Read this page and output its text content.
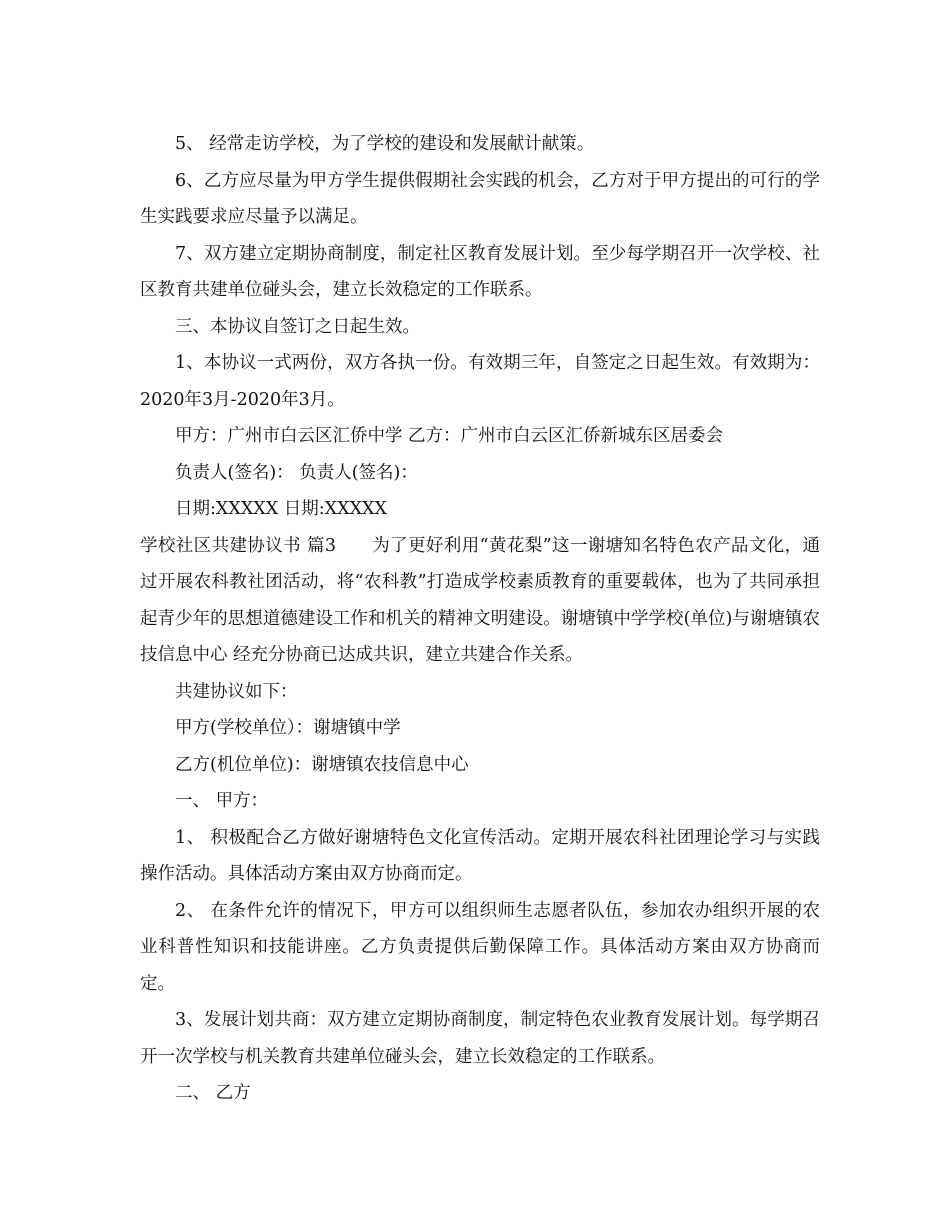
5、 经常走访学校，为了学校的建设和发展献计献策。

6、乙方应尽量为甲方学生提供假期社会实践的机会，乙方对于甲方提出的可行的学生实践要求应尽量予以满足。

7、双方建立定期协商制度，制定社区教育发展计划。至少每学期召开一次学校、社区教育共建单位碰头会，建立长效稳定的工作联系。

三、本协议自签订之日起生效。

1、本协议一式两份，双方各执一份。有效期三年，自签定之日起生效。有效期为：2020年3月-2020年3月。

甲方：广州市白云区汇侨中学 乙方：广州市白云区汇侨新城东区居委会

负责人(签名)： 负责人(签名)：

日期:XXXXX 日期:XXXXX

学校社区共建协议书 篇3　　为了更好利用“黄花梨”这一谢塘知名特色农产品文化，通过开展农科教社团活动，将“农科教”打造成学校素质教育的重要载体，也为了共同承担起青少年的思想道德建设工作和机关的精神文明建设。谢塘镇中学学校(单位)与谢塘镇农技信息中心 经充分协商已达成共识，建立共建合作关系。

共建协议如下：

甲方(学校单位）：谢塘镇中学

乙方(机位单位)：谢塘镇农技信息中心

一、 甲方：

1、 积极配合乙方做好谢塘特色文化宣传活动。定期开展农科社团理论学习与实践操作活动。具体活动方案由双方协商而定。

2、 在条件允许的情况下，甲方可以组织师生志愿者队伍，参加农办组织开展的农业科普性知识和技能讲座。乙方负责提供后勤保障工作。具体活动方案由双方协商而定。

3、发展计划共商：双方建立定期协商制度，制定特色农业教育发展计划。每学期召开一次学校与机关教育共建单位碰头会，建立长效稳定的工作联系。

二、 乙方
